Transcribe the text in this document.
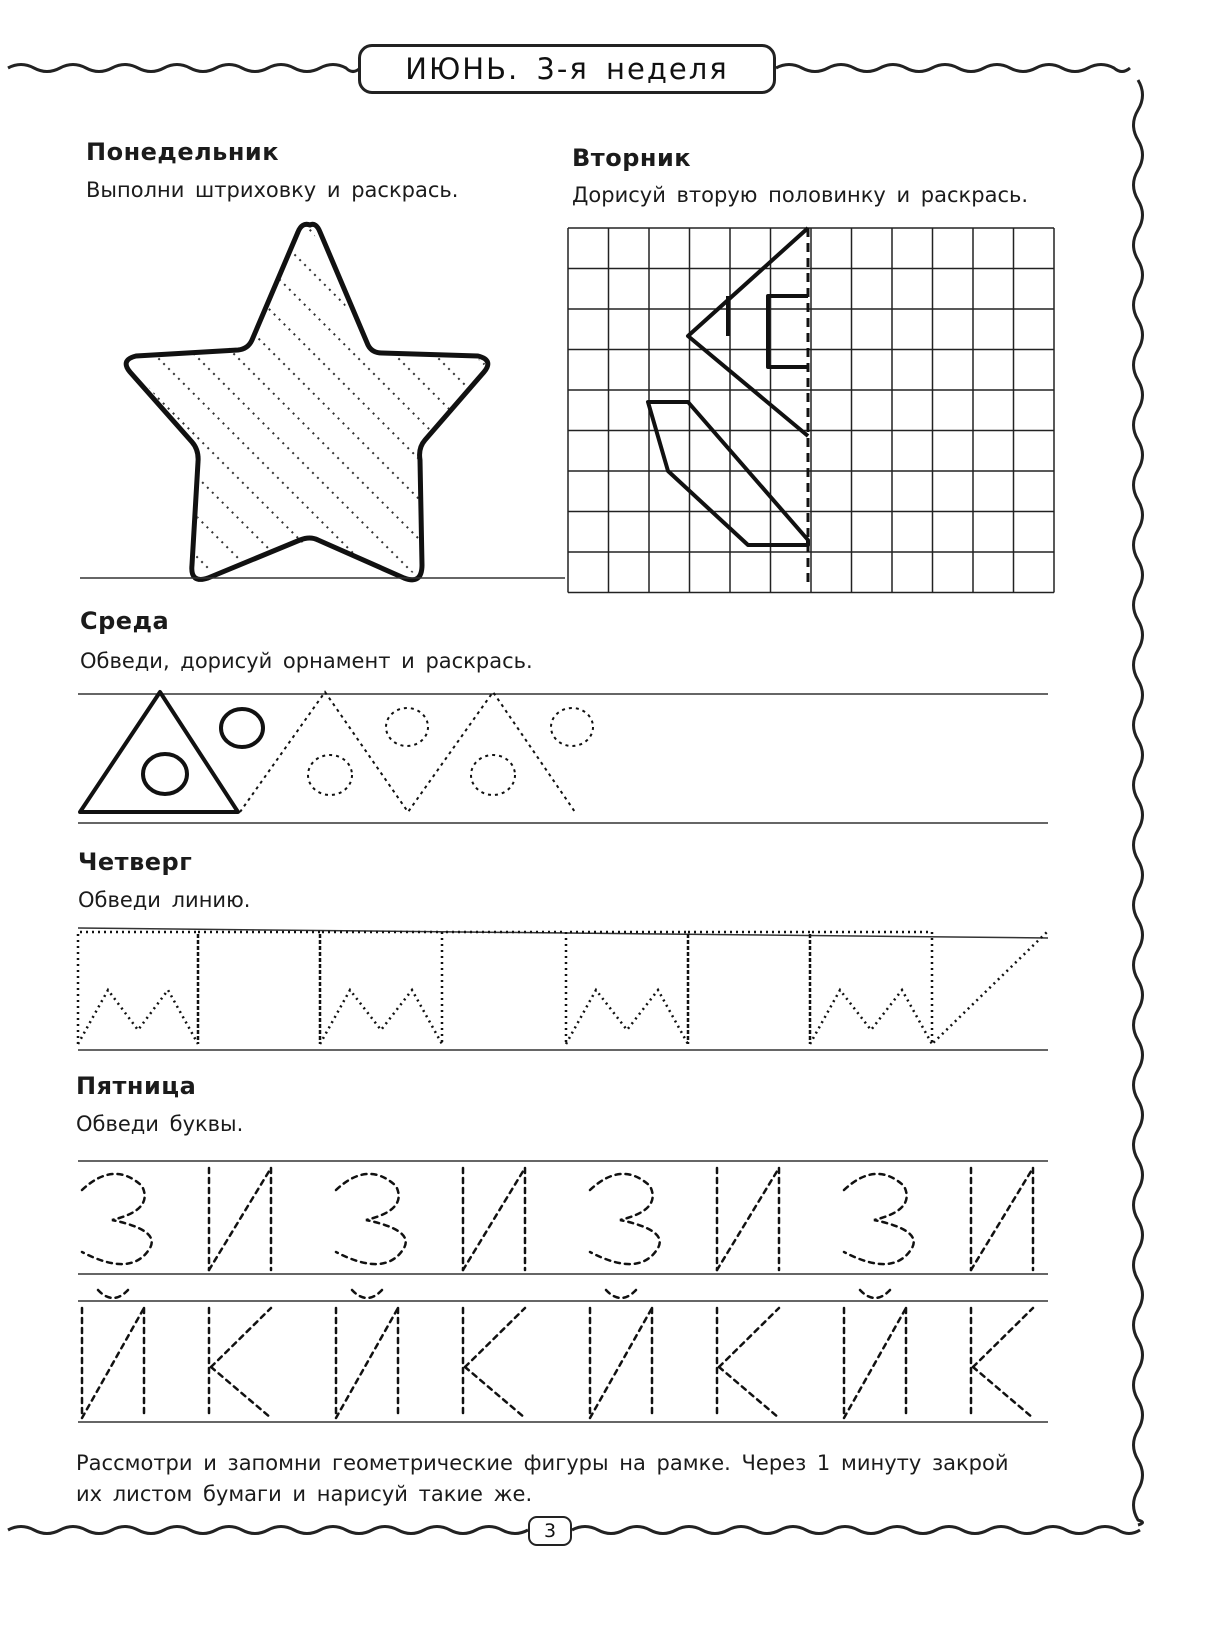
ИЮНЬ. 3-я неделя
Понедельник
Выполни штриховку и раскрась.
Вторник
Дорисуй вторую половинку и раскрась.
Среда
Обведи, дорисуй орнамент и раскрась.
Четверг
Обведи линию.
Пятница
Обведи буквы.
Рассмотри и запомни геометрические фигуры на рамке. Через 1 минуту закрой их листом бумаги и нарисуй такие же.
3
